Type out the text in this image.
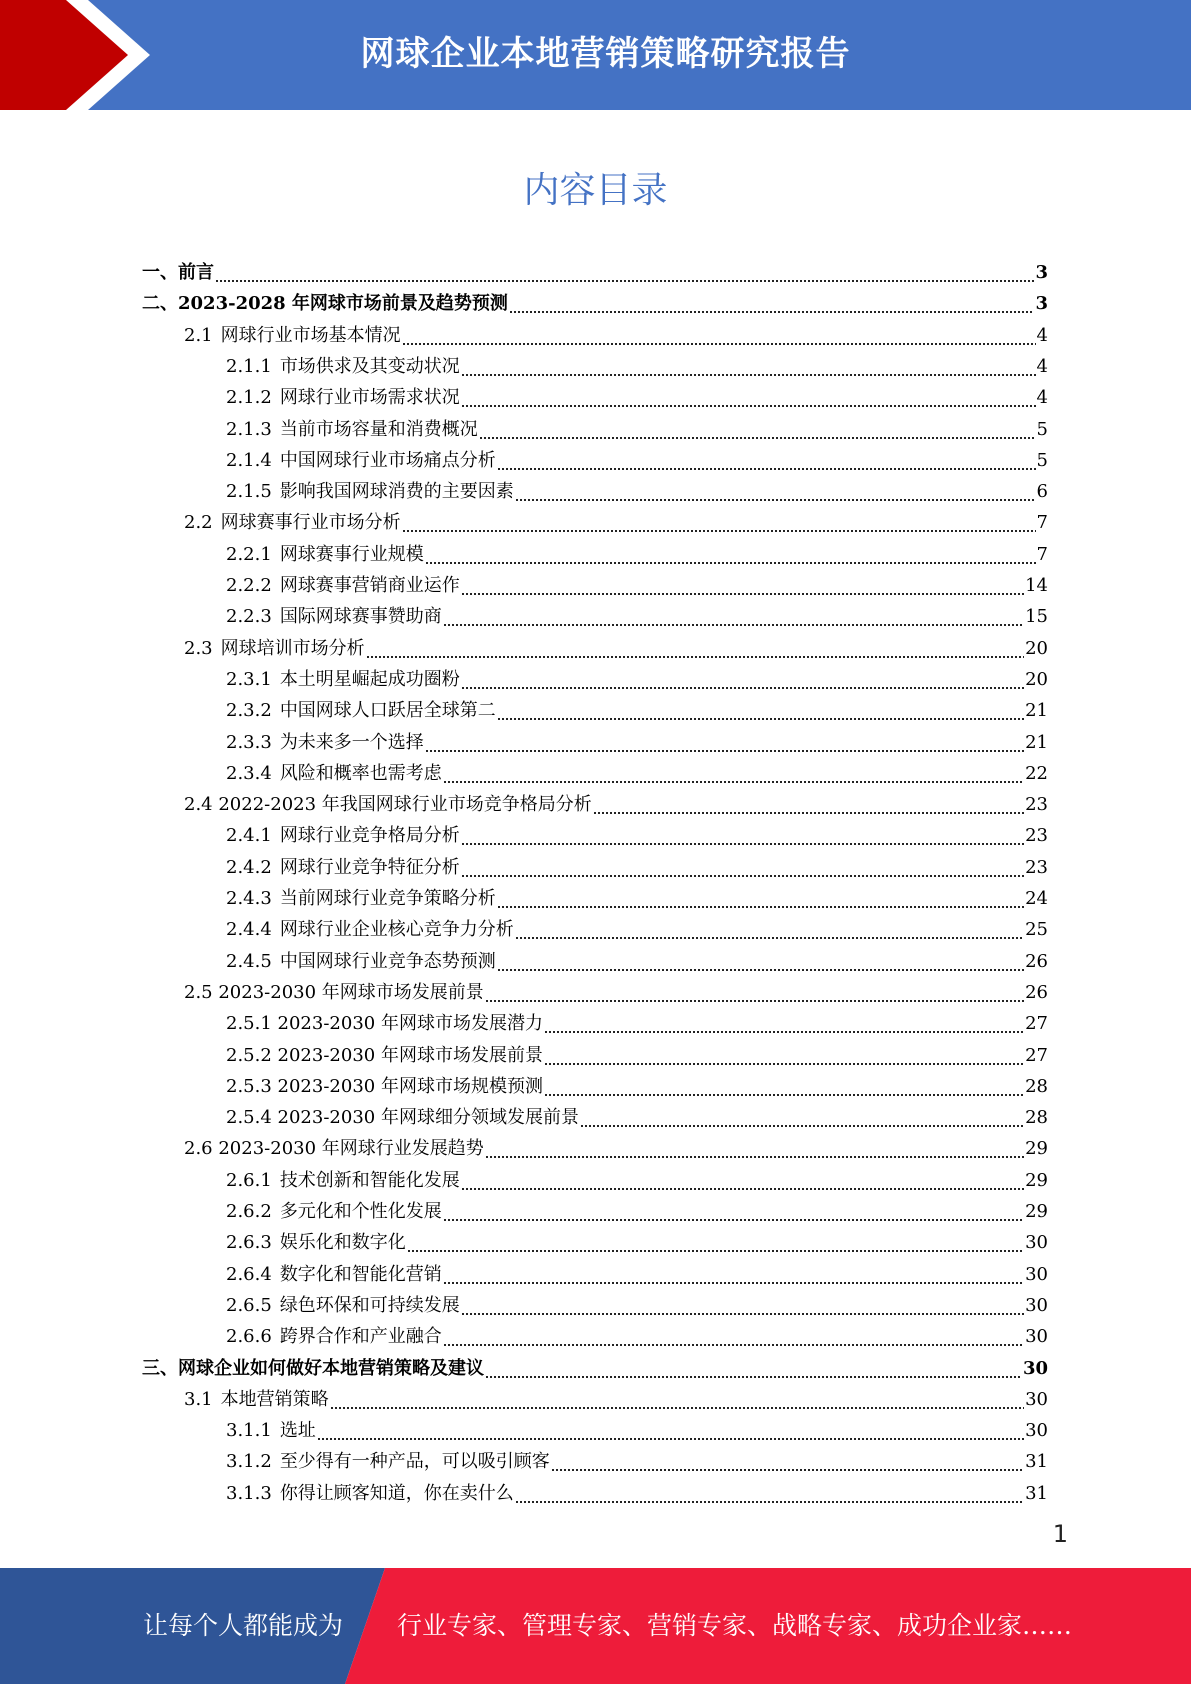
网球企业本地营销策略研究报告
内容目录
一、前言	3
二、2023-2028 年网球市场前景及趋势预测	3
2.1 网球行业市场基本情况	4
2.1.1 市场供求及其变动状况	4
2.1.2 网球行业市场需求状况	4
2.1.3 当前市场容量和消费概况	5
2.1.4 中国网球行业市场痛点分析	5
2.1.5 影响我国网球消费的主要因素	6
2.2 网球赛事行业市场分析	7
2.2.1 网球赛事行业规模	7
2.2.2 网球赛事营销商业运作	14
2.2.3 国际网球赛事赞助商	15
2.3 网球培训市场分析	20
2.3.1 本土明星崛起成功圈粉	20
2.3.2 中国网球人口跃居全球第二	21
2.3.3 为未来多一个选择	21
2.3.4 风险和概率也需考虑	22
2.4 2022-2023 年我国网球行业市场竞争格局分析	23
2.4.1 网球行业竞争格局分析	23
2.4.2 网球行业竞争特征分析	23
2.4.3 当前网球行业竞争策略分析	24
2.4.4 网球行业企业核心竞争力分析	25
2.4.5 中国网球行业竞争态势预测	26
2.5 2023-2030 年网球市场发展前景	26
2.5.1 2023-2030 年网球市场发展潜力	27
2.5.2 2023-2030 年网球市场发展前景	27
2.5.3 2023-2030 年网球市场规模预测	28
2.5.4 2023-2030 年网球细分领域发展前景	28
2.6 2023-2030 年网球行业发展趋势	29
2.6.1 技术创新和智能化发展	29
2.6.2 多元化和个性化发展	29
2.6.3 娱乐化和数字化	30
2.6.4 数字化和智能化营销	30
2.6.5 绿色环保和可持续发展	30
2.6.6 跨界合作和产业融合	30
三、网球企业如何做好本地营销策略及建议	30
3.1 本地营销策略	30
3.1.1 选址	30
3.1.2 至少得有一种产品，可以吸引顾客	31
3.1.3 你得让顾客知道，你在卖什么	31
1
让每个人都能成为 行业专家、管理专家、营销专家、战略专家、成功企业家……
